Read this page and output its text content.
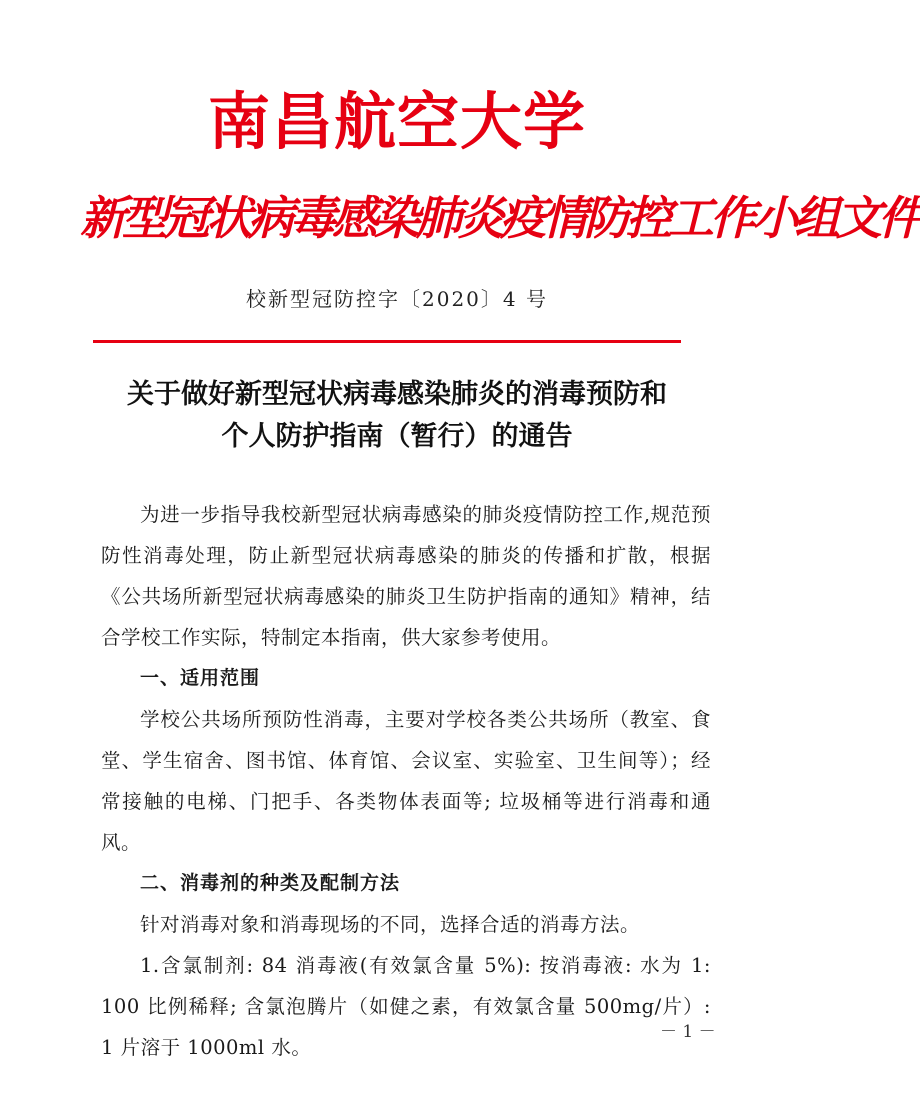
南昌航空大学
新型冠状病毒感染肺炎疫情防控工作小组文件
校新型冠防控字〔2020〕4 号
关于做好新型冠状病毒感染肺炎的消毒预防和
个人防护指南（暂行）的通告

为进一步指导我校新型冠状病毒感染的肺炎疫情防控工作,规范预防性消毒处理，防止新型冠状病毒感染的肺炎的传播和扩散，根据《公共场所新型冠状病毒感染的肺炎卫生防护指南的通知》精神，结合学校工作实际，特制定本指南，供大家参考使用。

一、适用范围

学校公共场所预防性消毒，主要对学校各类公共场所（教室、食堂、学生宿舍、图书馆、体育馆、会议室、实验室、卫生间等）；经常接触的电梯、门把手、各类物体表面等; 垃圾桶等进行消毒和通风。

二、消毒剂的种类及配制方法

针对消毒对象和消毒现场的不同，选择合适的消毒方法。

1.含氯制剂: 84 消毒液(有效氯含量 5%): 按消毒液: 水为 1: 100 比例稀释; 含氯泡腾片（如健之素，有效氯含量 500mg/片）: 1 片溶于 1000ml 水。

－ 1 －
